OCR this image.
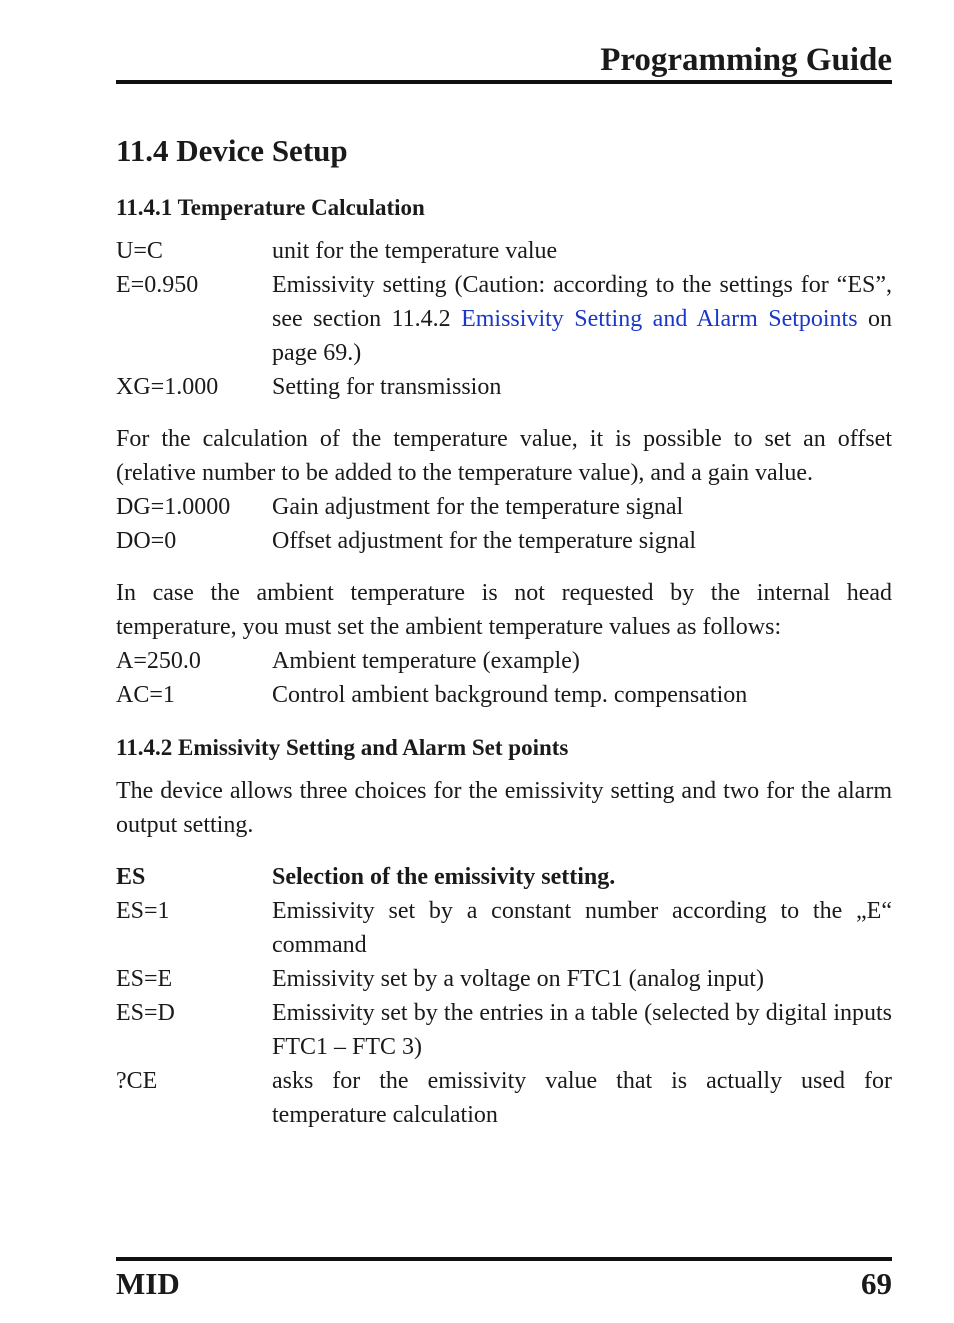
Programming Guide
11.4 Device Setup
11.4.1 Temperature Calculation
U=C	unit for the temperature value
E=0.950	Emissivity setting (Caution: according to the settings for “ES”, see section 11.4.2 Emissivity Setting and Alarm Setpoints on page 69.)
XG=1.000	Setting for transmission

For the calculation of the temperature value, it is possible to set an offset (relative number to be added to the temperature value), and a gain value.

DG=1.0000	Gain adjustment for the temperature signal
DO=0	Offset adjustment for the temperature signal

In case the ambient temperature is not requested by the internal head temperature, you must set the ambient temperature values as follows:

A=250.0	Ambient temperature (example)
AC=1	Control ambient background temp. compensation
11.4.2 Emissivity Setting and Alarm Set points

The device allows three choices for the emissivity setting and two for the alarm output setting.

ES	Selection of the emissivity setting.
ES=1	Emissivity set by a constant number according to the „E“ command
ES=E	Emissivity set by a voltage on FTC1 (analog input)
ES=D	Emissivity set by the entries in a table (selected by digital inputs FTC1 – FTC 3)
?CE	asks for the emissivity value that is actually used for temperature calculation
MID	69
